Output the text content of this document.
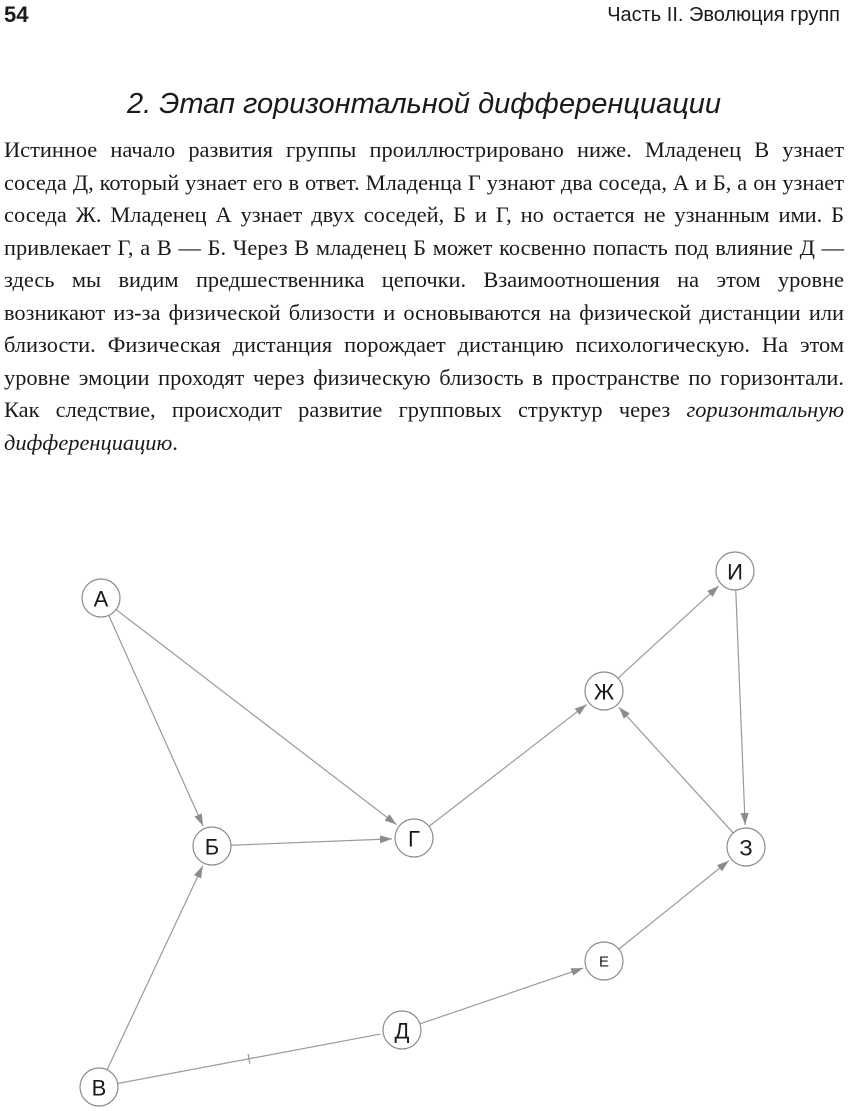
54	Часть II. Эволюция групп
2. Этап горизонтальной дифференциации

Истинное начало развития группы проиллюстрировано ниже. Младенец В узнает соседа Д, который узнает его в ответ. Младенца Г узнают два соседа, А и Б, а он узнает соседа Ж. Младенец А узнает двух соседей, Б и Г, но остается не узнанным ими. Б привлекает Г, а В — Б. Через В младенец Б может косвенно попасть под влияние Д — здесь мы видим предшественника цепочки. Взаимоотношения на этом уровне возникают из-за физической близости и основываются на физической дистанции или близости. Физическая дистанция порождает дистанцию психологическую. На этом уровне эмоции проходят через физическую близость в пространстве по горизонтали. Как следствие, происходит развитие групповых структур через горизонтальную дифференциацию.

А
Б	Г
В
Д
Е
З
Ж
И
